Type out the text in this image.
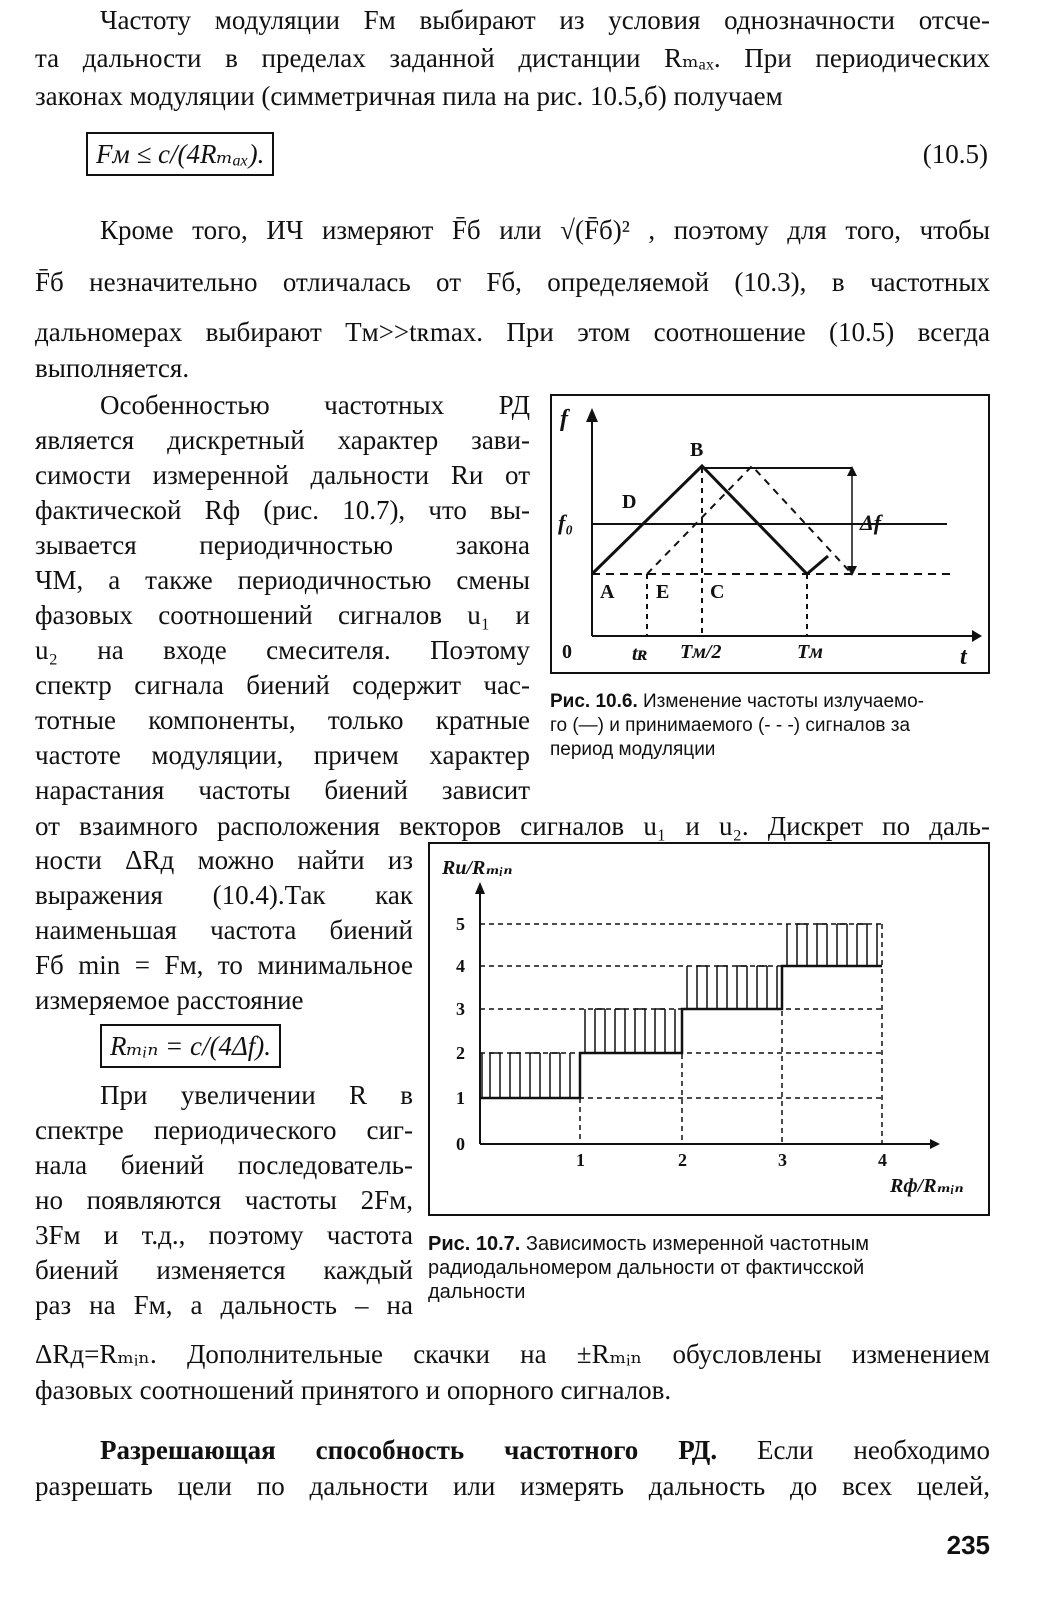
Частоту модуляции Fм выбирают из условия однозначности отсче-
та дальности в пределах заданной дистанции Rₘₐₓ. При периодических
законах модуляции (симметричная пила на рис. 10.5,б) получаем
Fм ≤ c/(4Rₘₐₓ).	(10.5)
Кроме того, ИЧ измеряют F̄б или √(F̄б)² , поэтому для того, чтобы
F̄б незначительно отличалась от Fб, определяемой (10.3), в частотных
дальномерах выбирают Tм>>tʀmax. При этом соотношение (10.5) всегда
выполняется.
Особенностью частотных РД
является дискретный характер зави-
симости измеренной дальности Rи от
фактической Rф (рис. 10.7), что вы-
зывается периодичностью закона
ЧМ, а также периодичностью смены
фазовых соотношений сигналов u₁ и
u₂ на входе смесителя. Поэтому
спектр сигнала биений содержит час-
тотные компоненты, только кратные
частоте модуляции, причем характер
нарастания частоты биений зависит
от взаимного расположения векторов сигналов u₁ и u₂. Дискрет по даль-
f
t
0
f₀
B
D
A E C
Δf
tʀ Tм/2	Tм
Рис. 10.6. Изменение частоты излучаемо-
го (—) и принимаемого (- - -) сигналов за
период модуляции
ности ΔRд можно найти из
выражения (10.4).Так как
наименьшая частота биений
Fб min = Fм, то минимальное
измеряемое расстояние
Rₘᵢₙ = c/(4Δf).
При увеличении R в
спектре периодического сиг-
нала биений последователь-
но появляются частоты 2Fм,
3Fм и т.д., поэтому частота
биений изменяется каждый
раз на Fм, а дальность – на
Rи/Rₘᵢₙ
Rф/Rₘᵢₙ
0
1
2
3
4
5
1	2	3	4
Рис. 10.7. Зависимость измеренной частотным
радиодальномером дальности от фактичсской
дальности
ΔRд=Rₘᵢₙ. Дополнительные скачки на ±Rₘᵢₙ обусловлены изменением
фазовых соотношений принятого и опорного сигналов.
Разрешающая способность частотного РД. Если необходимо
разрешать цели по дальности или измерять дальность до всех целей,
235
